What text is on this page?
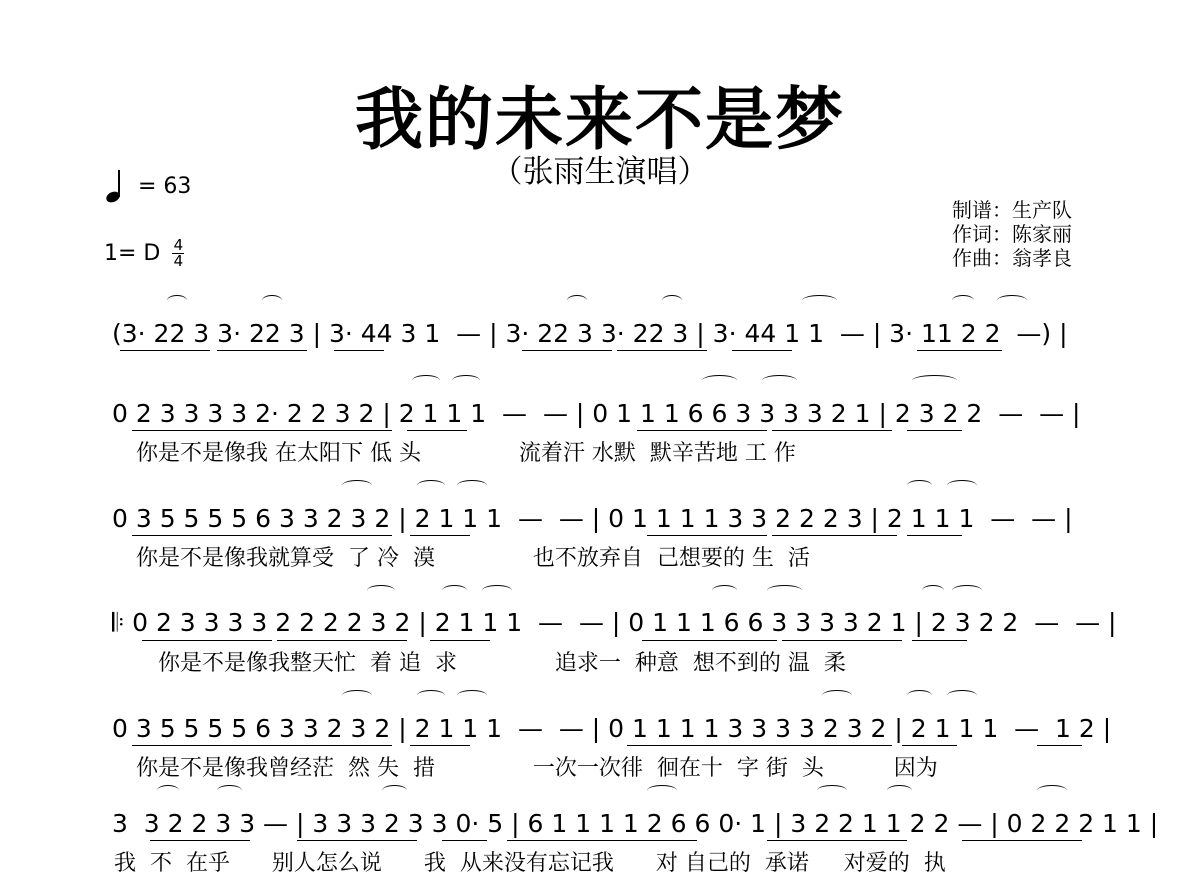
我的未来不是梦
（张雨生演唱）
= 63
1= D 4
4
制谱：生产队
作词：陈家丽
作曲：翁孝良
(3· 22 3 3· 22 3 | 3· 44 3 1  — | 3· 22 3 3· 22 3 | 3· 44 1 1  — | 3· 11 2 2  —) |
0 2 3 3 3 3 2· 2 2 3 2 | 2 1 1 1  —  — | 0 1 1 1 6 6 3 3 3 3 2 1 | 2 3 2 2  —  — |
你是不是像我 在太阳下 低 头              流着汗 水默  默辛苦地 工 作
0 3 5 5 5 5 6 3 3 2 3 2 | 2 1 1 1  —  — | 0 1 1 1 1 3 3 2 2 2 3 | 2 1 1 1  —  — |
你是不是像我就算受  了 冷  漠              也不放弃自  己想要的 生  活
𝄆 0 2 3 3 3 3 2 2 2 2 3 2 | 2 1 1 1  —  — | 0 1 1 1 6 6 3 3 3 3 2 1 | 2 3 2 2  —  — |
你是不是像我整天忙  着 追  求              追求一  种意  想不到的 温  柔
0 3 5 5 5 5 6 3 3 2 3 2 | 2 1 1 1  —  — | 0 1 1 1 1 3 3 3 3 2 3 2 | 2 1 1 1  —  1 2 |
你是不是像我曾经茫  然 失  措              一次一次徘  徊在十  字 街  头          因为
3  3 2 2 3 3 — | 3 3 3 2 3 3 0· 5 | 6 1 1 1 1 2 6 6 0· 1 | 3 2 2 1 1 2 2 — | 0 2 2 2 1 1 |
我  不  在乎      别人怎么说      我  从来没有忘记我      对 自己的  承诺     对爱的  执
